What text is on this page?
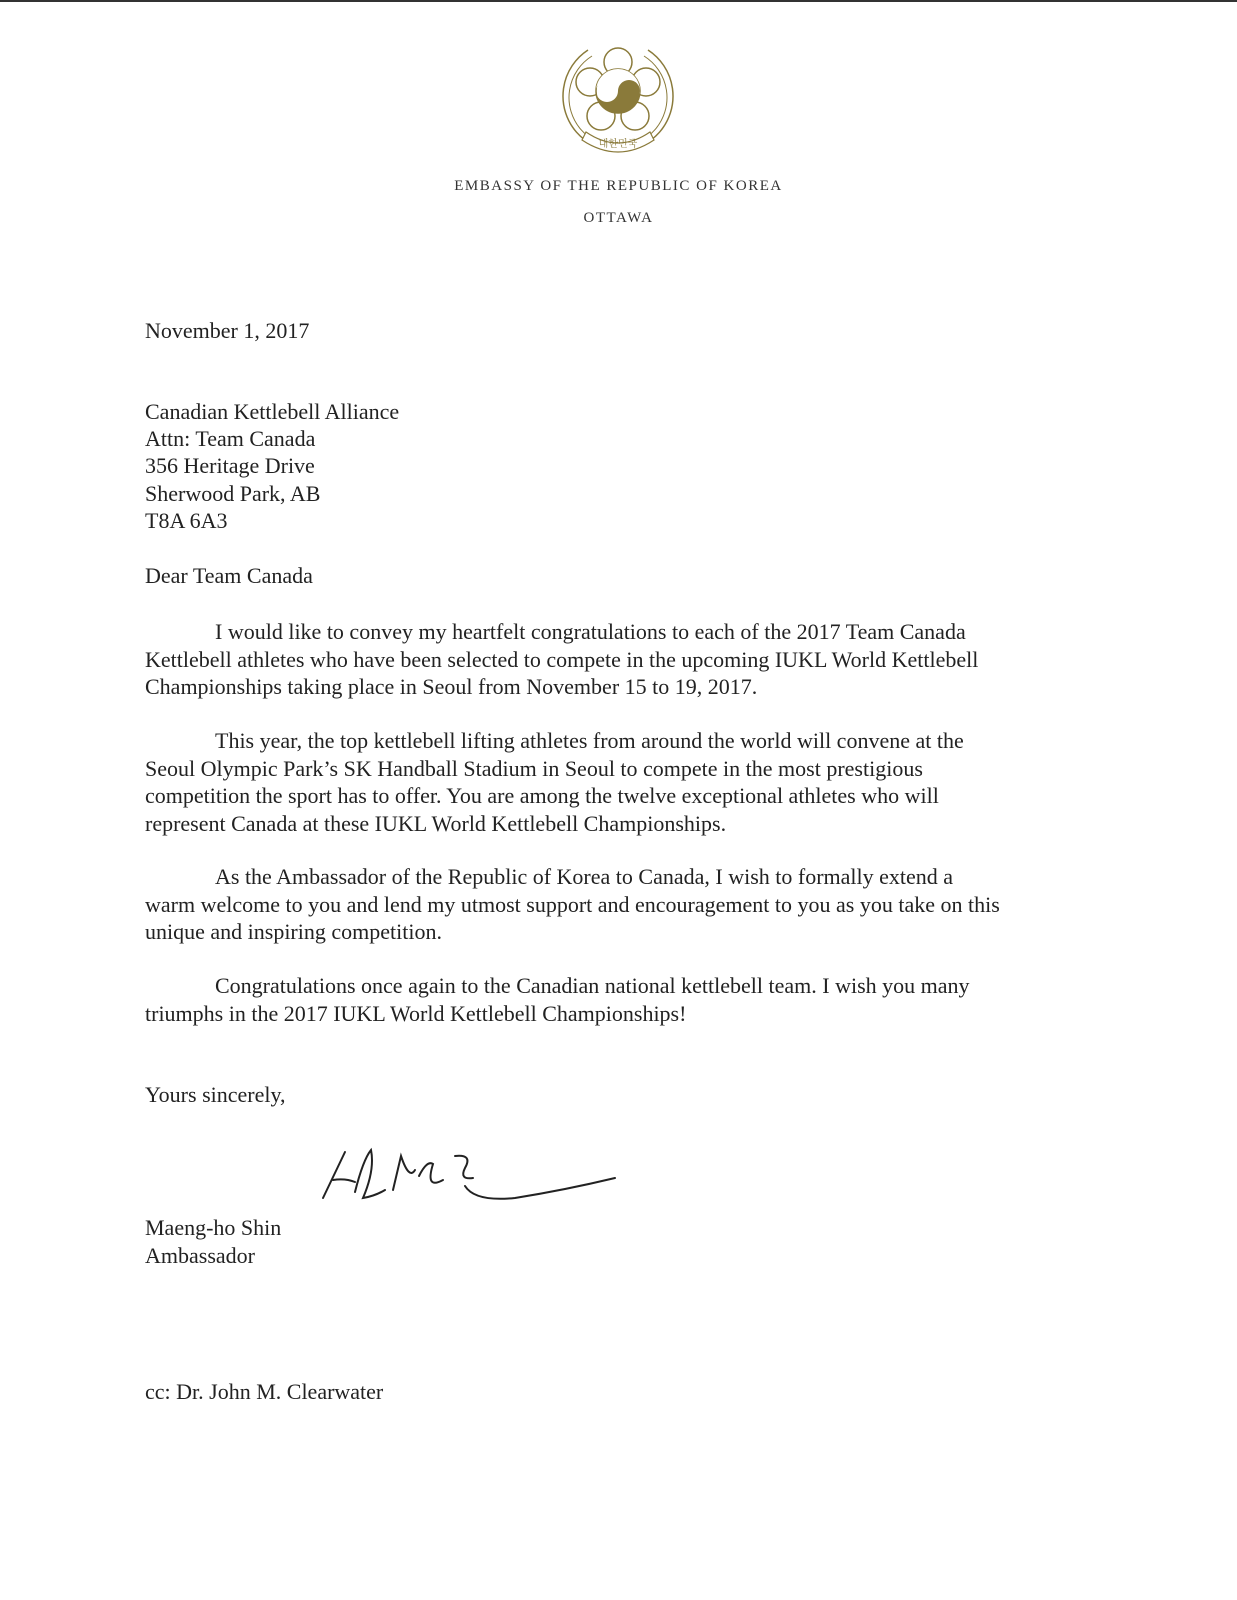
대한민국
EMBASSY OF THE REPUBLIC OF KOREA
OTTAWA
November 1, 2017
Canadian Kettlebell Alliance
Attn: Team Canada
356 Heritage Drive
Sherwood Park, AB
T8A 6A3
Dear Team Canada
I would like to convey my heartfelt congratulations to each of the 2017 Team Canada
Kettlebell athletes who have been selected to compete in the upcoming IUKL World Kettlebell
Championships taking place in Seoul from November 15 to 19, 2017.
This year, the top kettlebell lifting athletes from around the world will convene at the
Seoul Olympic Park’s SK Handball Stadium in Seoul to compete in the most prestigious
competition the sport has to offer. You are among the twelve exceptional athletes who will
represent Canada at these IUKL World Kettlebell Championships.
As the Ambassador of the Republic of Korea to Canada, I wish to formally extend a
warm welcome to you and lend my utmost support and encouragement to you as you take on this
unique and inspiring competition.
Congratulations once again to the Canadian national kettlebell team. I wish you many
triumphs in the 2017 IUKL World Kettlebell Championships!
Yours sincerely,
Maeng-ho Shin
Ambassador
cc: Dr. John M. Clearwater
